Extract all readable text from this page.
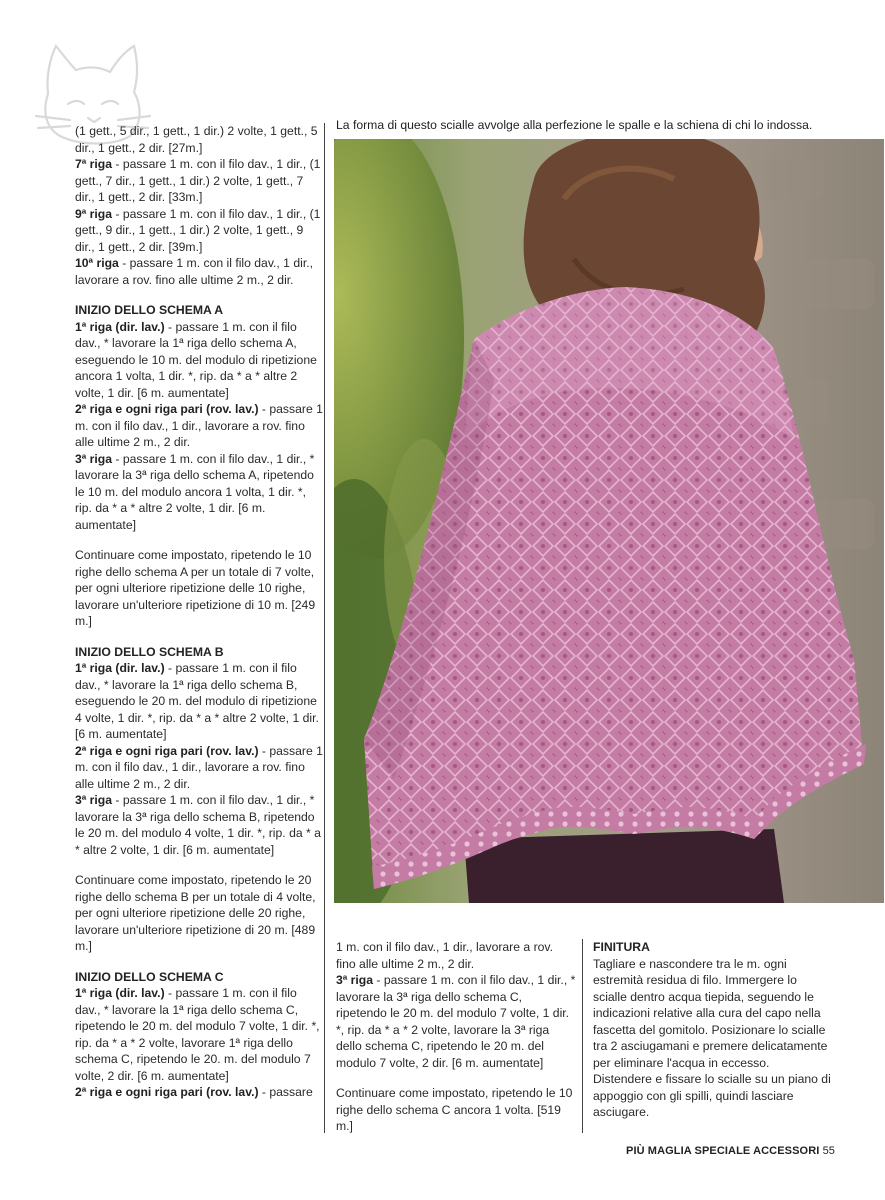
(1 gett., 5 dir., 1 gett., 1 dir.) 2 volte, 1 gett., 5 dir., 1 gett., 2 dir. [27m.]
7ª riga - passare 1 m. con il filo dav., 1 dir., (1 gett., 7 dir., 1 gett., 1 dir.) 2 volte, 1 gett., 7 dir., 1 gett., 2 dir. [33m.]
9ª riga - passare 1 m. con il filo dav., 1 dir., (1 gett., 9 dir., 1 gett., 1 dir.) 2 volte, 1 gett., 9 dir., 1 gett., 2 dir. [39m.]
10ª riga - passare 1 m. con il filo dav., 1 dir., lavorare a rov. fino alle ultime 2 m., 2 dir.

INIZIO DELLO SCHEMA A
1ª riga (dir. lav.) - passare 1 m. con il filo dav., * lavorare la 1ª riga dello schema A, eseguendo le 10 m. del modulo di ripetizione ancora 1 volta, 1 dir. *, rip. da * a * altre 2 volte, 1 dir. [6 m. aumentate]
2ª riga e ogni riga pari (rov. lav.) - passare 1 m. con il filo dav., 1 dir., lavorare a rov. fino alle ultime 2 m., 2 dir.
3ª riga - passare 1 m. con il filo dav., 1 dir., * lavorare la 3ª riga dello schema A, ripetendo le 10 m. del modulo ancora 1 volta, 1 dir. *, rip. da * a * altre 2 volte, 1 dir. [6 m. aumentate]

Continuare come impostato, ripetendo le 10 righe dello schema A per un totale di 7 volte, per ogni ulteriore ripetizione delle 10 righe, lavorare un'ulteriore ripetizione di 10 m. [249 m.]

INIZIO DELLO SCHEMA B
1ª riga (dir. lav.) - passare 1 m. con il filo dav., * lavorare la 1ª riga dello schema B, eseguendo le 20 m. del modulo di ripetizione 4 volte, 1 dir. *, rip. da * a * altre 2 volte, 1 dir. [6 m. aumentate]
2ª riga e ogni riga pari (rov. lav.) - passare 1 m. con il filo dav., 1 dir., lavorare a rov. fino alle ultime 2 m., 2 dir.
3ª riga - passare 1 m. con il filo dav., 1 dir., * lavorare la 3ª riga dello schema B, ripetendo le 20 m. del modulo 4 volte, 1 dir. *, rip. da * a * altre 2 volte, 1 dir. [6 m. aumentate]

Continuare come impostato, ripetendo le 20 righe dello schema B per un totale di 4 volte, per ogni ulteriore ripetizione delle 20 righe, lavorare un'ulteriore ripetizione di 20 m. [489 m.]

INIZIO DELLO SCHEMA C
1ª riga (dir. lav.) - passare 1 m. con il filo dav., * lavorare la 1ª riga dello schema C, ripetendo le 20 m. del modulo 7 volte, 1 dir. *, rip. da * a * 2 volte, lavorare 1ª riga dello schema C, ripetendo le 20. m. del modulo 7 volte, 2 dir. [6 m. aumentate]
2ª riga e ogni riga pari (rov. lav.) - passare
La forma di questo scialle avvolge alla perfezione le spalle e la schiena di chi lo indossa.

1 m. con il filo dav., 1 dir., lavorare a rov. fino alle ultime 2 m., 2 dir.
3ª riga - passare 1 m. con il filo dav., 1 dir., * lavorare la 3ª riga dello schema C, ripetendo le 20 m. del modulo 7 volte, 1 dir. *, rip. da * a * 2 volte, lavorare la 3ª riga dello schema C, ripetendo le 20 m. del modulo 7 volte, 2 dir. [6 m. aumentate]

Continuare come impostato, ripetendo le 10 righe dello schema C ancora 1 volta. [519 m.]

FINITURA
Tagliare e nascondere tra le m. ogni estremità residua di filo. Immergere lo scialle dentro acqua tiepida, seguendo le indicazioni relative alla cura del capo nella fascetta del gomitolo. Posizionare lo scialle tra 2 asciugamani e premere delicatamente per eliminare l'acqua in eccesso. Distendere e fissare lo scialle su un piano di appoggio con gli spilli, quindi lasciare asciugare.
PIÙ MAGLIA SPECIALE ACCESSORI 55
